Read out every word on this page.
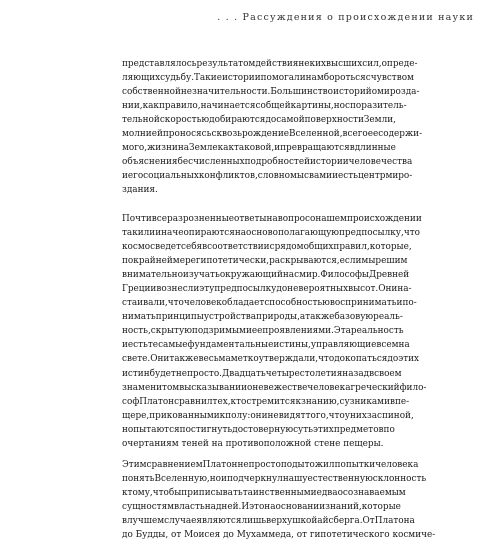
. . . Рассуждения о происхождении науки
представлялось результатом действия неких высших сил, опреде-
ляющих судьбу. Такие истории помогали нам бороться с чувством
собственной незначительности. Большинство историй о мирозда-
нии, как правило, начинается с общей картины, но с поразитель-
тельной скоростью добираются до самой поверхности Земли,
молнией проносясь сквозь рождение Вселенной, всего ее содержи-
мого, жизни на Земле как таковой, и превращаются в длинные
объяснения бесчисленных подробностей истории человечества
и его социальных конфликтов, словно мы с вами и есть центр миро-
здания.
Почти все разрозненные ответы на вопрос о нашем происхождении
так или иначе опираются на основополагающую предпосылку, что
космос ведет себя в соответствии с рядом общих правил, которые,
по крайней мере гипотетически, раскрываются, если мы решим
внимательно изучать окружающий нас мир. Философы Древней
Греции вознесли эту предпосылку до невероятных высот. Они на-
стаивали, что человек обладает способностью воспринимать и по-
нимать принципы устройства природы, а также базовую реаль-
ность, скрытую под зримыми ее проявлениями. Эта реальность
и есть те самые фундаментальные истины, управляющие всем на
свете. Они также весьма метко утверждали, что докопаться до этих
истин будет непросто. Двадцать четыре столетия назад в своем
знаменитом высказывании о невежестве человека греческий фило-
соф Платон сравнил тех, кто стремится к знанию, с узниками в пе-
щере, прикованными к полу: они не видят того, что у них за спиной,
но пытаются постигнуть достоверную суть этих предметов по
очертаниям теней на противоположной стене пещеры.
Этим сравнением Платон не просто подытожил попытки человека
понять Вселенную, но и подчеркнул нашу естественную склонность
к тому, чтобы приписывать таинственным и едва осознаваемым
сущностям власть над ней. И это на основании знаний, которые
в лучшем случае являются лишь верхушкой айсберга. От Платона
до Будды, от Моисея до Мухаммеда, от гипотетического космиче-
